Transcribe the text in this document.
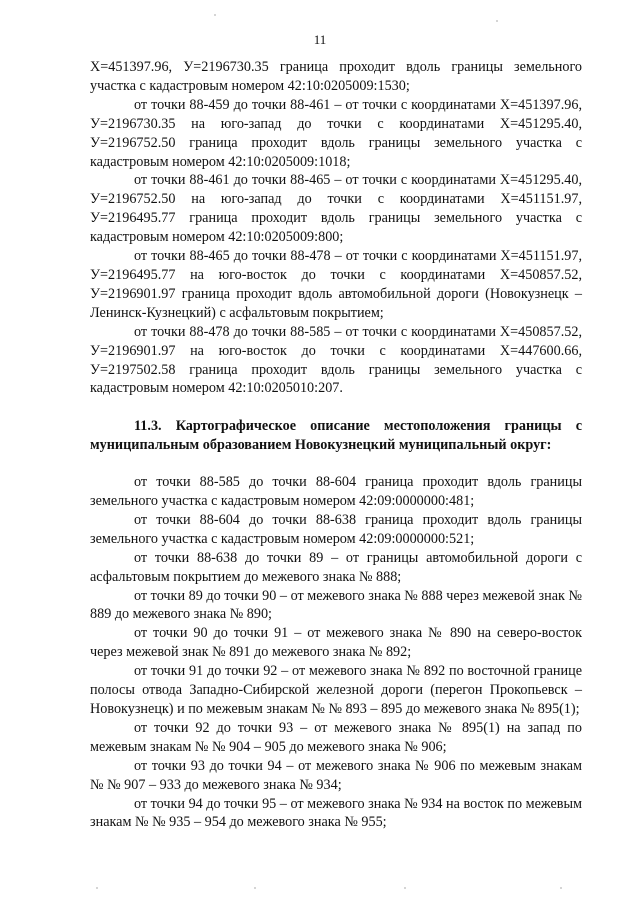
11

X=451397.96, У=2196730.35 граница проходит вдоль границы земельного участка с кадастровым номером 42:10:0205009:1530;

от точки 88-459 до точки 88-461 – от точки с координатами X=451397.96, У=2196730.35 на юго-запад до точки с координатами X=451295.40, У=2196752.50 граница проходит вдоль границы земельного участка с кадастровым номером 42:10:0205009:1018;

от точки 88-461 до точки 88-465 – от точки с координатами X=451295.40, У=2196752.50 на юго-запад до точки с координатами X=451151.97, У=2196495.77 граница проходит вдоль границы земельного участка с кадастровым номером 42:10:0205009:800;

от точки 88-465 до точки 88-478 – от точки с координатами X=451151.97, У=2196495.77 на юго-восток до точки с координатами X=450857.52, У=2196901.97 граница проходит вдоль автомобильной дороги (Новокузнецк – Ленинск-Кузнецкий) с асфальтовым покрытием;

от точки 88-478 до точки 88-585 – от точки с координатами X=450857.52, У=2196901.97 на юго-восток до точки с координатами X=447600.66, У=2197502.58 граница проходит вдоль границы земельного участка с кадастровым номером 42:10:0205010:207.

11.3. Картографическое описание местоположения границы с муниципальным образованием Новокузнецкий муниципальный округ:

от точки 88-585 до точки 88-604 граница проходит вдоль границы земельного участка с кадастровым номером 42:09:0000000:481;

от точки 88-604 до точки 88-638 граница проходит вдоль границы земельного участка с кадастровым номером 42:09:0000000:521;

от точки 88-638 до точки 89 – от границы автомобильной дороги с асфальтовым покрытием до межевого знака № 888;

от точки 89 до точки 90 – от межевого знака № 888 через межевой знак № 889 до межевого знака № 890;

от точки 90 до точки 91 – от межевого знака № 890 на северо-восток через межевой знак № 891 до межевого знака № 892;

от точки 91 до точки 92 – от межевого знака № 892 по восточной границе полосы отвода Западно-Сибирской железной дороги (перегон Прокопьевск – Новокузнецк) и по межевым знакам № № 893 – 895 до межевого знака № 895(1);

от точки 92 до точки 93 – от межевого знака № 895(1) на запад по межевым знакам № № 904 – 905 до межевого знака № 906;

от точки 93 до точки 94 – от межевого знака № 906 по межевым знакам № № 907 – 933 до межевого знака № 934;

от точки 94 до точки 95 – от межевого знака № 934 на восток по межевым знакам № № 935 – 954 до межевого знака № 955;
